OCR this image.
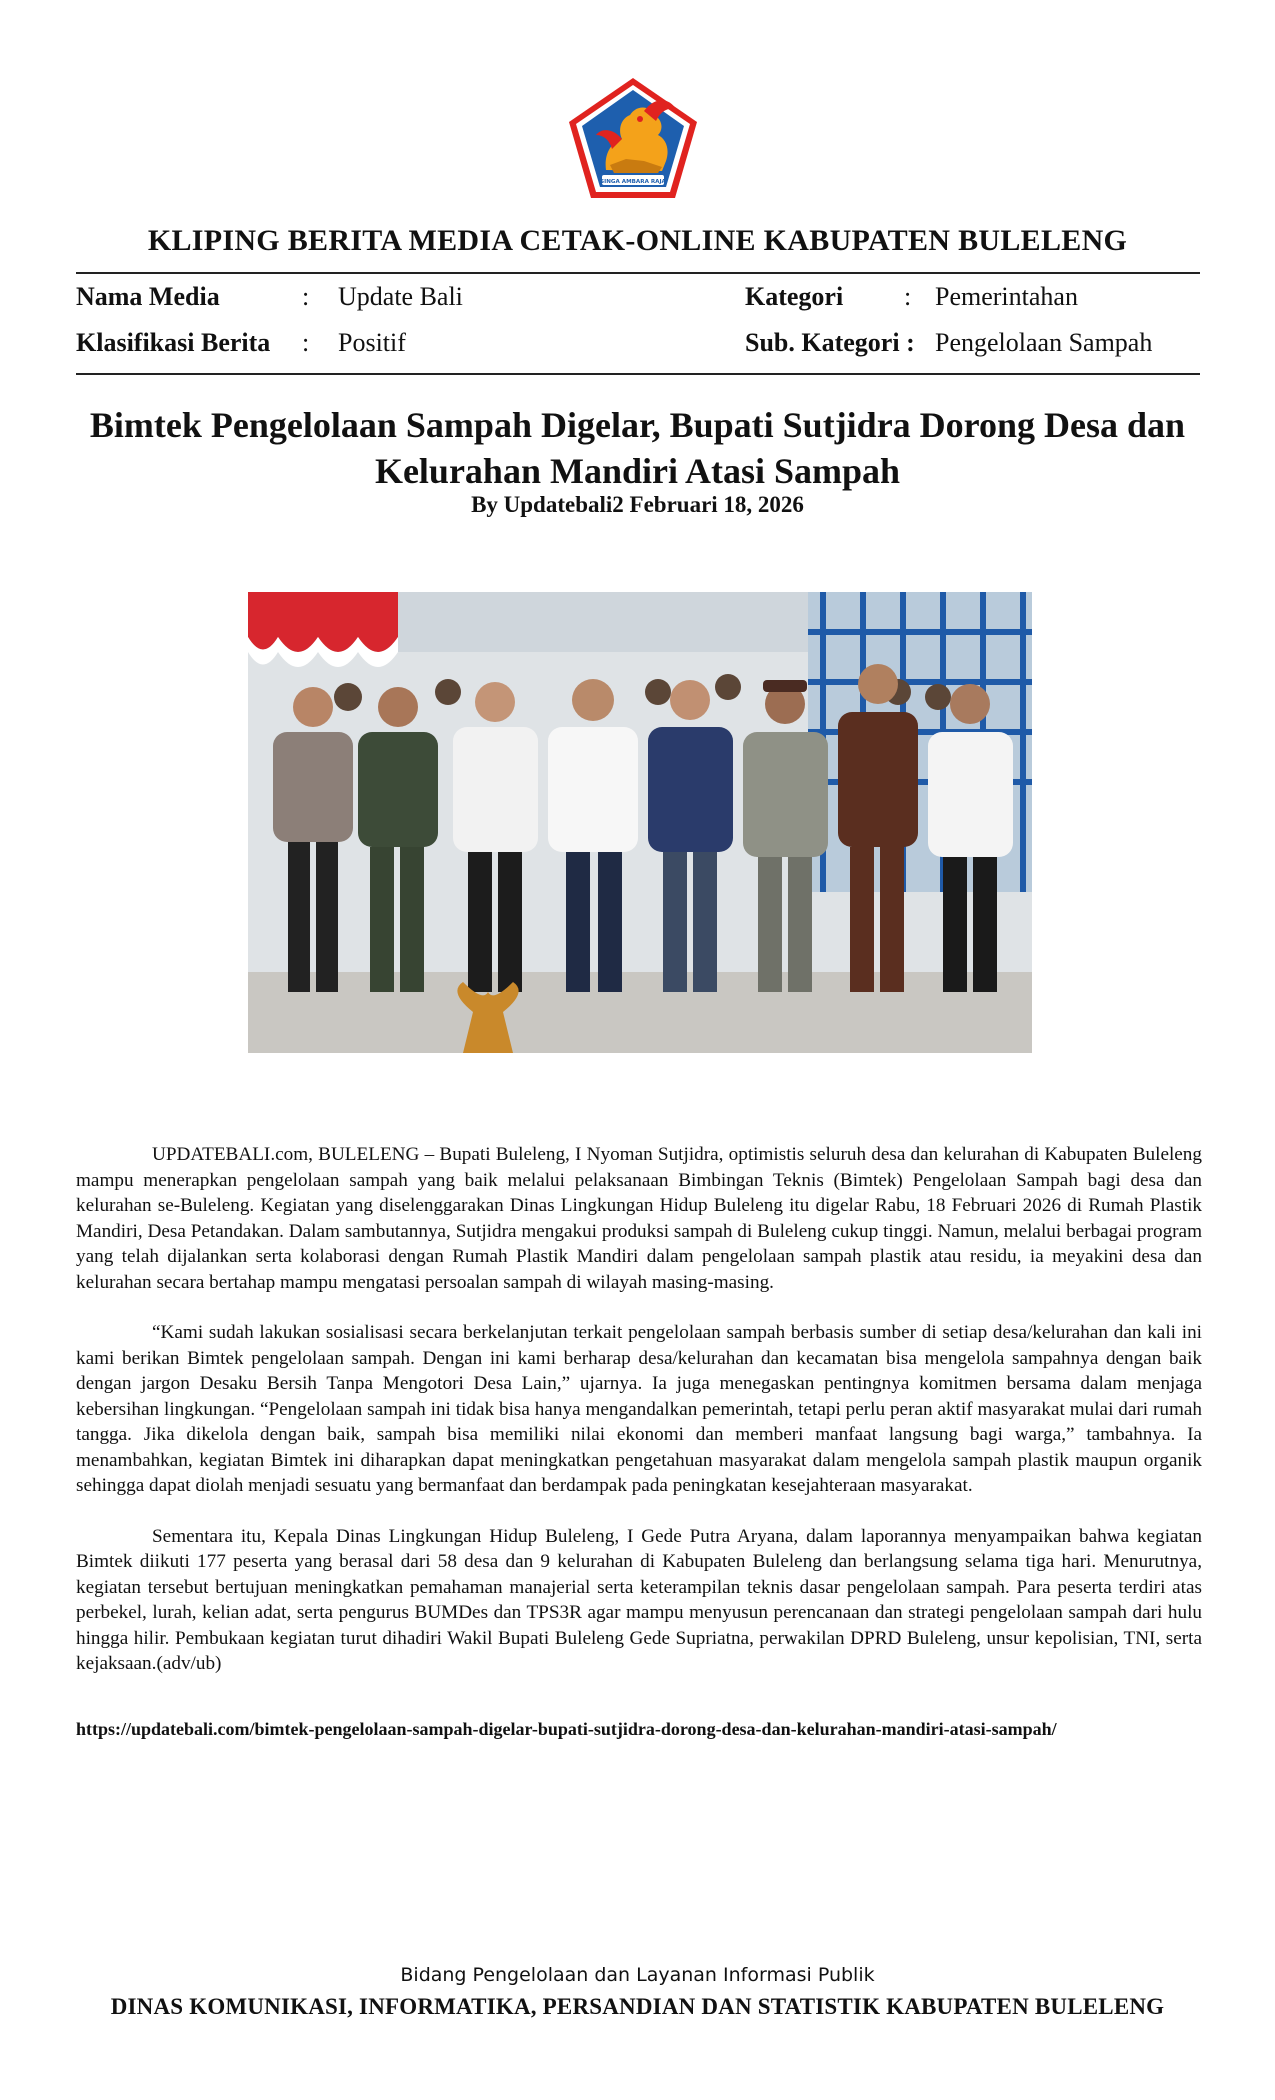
SINGA AMBARA RAJA
KLIPING BERITA MEDIA CETAK-ONLINE KABUPATEN BULELENG
Nama Media	: Update Bali	Kategori : Pemerintahan
Klasifikasi Berita : Positif	Sub. Kategori : Pengelolaan Sampah
Bimtek Pengelolaan Sampah Digelar, Bupati Sutjidra Dorong Desa dan
Kelurahan Mandiri Atasi Sampah
By Updatebali2 Februari 18, 2026

UPDATEBALI.com, BULELENG – Bupati Buleleng, I Nyoman Sutjidra, optimistis seluruh desa dan kelurahan di Kabupaten Buleleng mampu menerapkan pengelolaan sampah yang baik melalui pelaksanaan Bimbingan Teknis (Bimtek) Pengelolaan Sampah bagi desa dan kelurahan se-Buleleng. Kegiatan yang diselenggarakan Dinas Lingkungan Hidup Buleleng itu digelar Rabu, 18 Februari 2026 di Rumah Plastik Mandiri, Desa Petandakan. Dalam sambutannya, Sutjidra mengakui produksi sampah di Buleleng cukup tinggi. Namun, melalui berbagai program yang telah dijalankan serta kolaborasi dengan Rumah Plastik Mandiri dalam pengelolaan sampah plastik atau residu, ia meyakini desa dan kelurahan secara bertahap mampu mengatasi persoalan sampah di wilayah masing-masing.

“Kami sudah lakukan sosialisasi secara berkelanjutan terkait pengelolaan sampah berbasis sumber di setiap desa/kelurahan dan kali ini kami berikan Bimtek pengelolaan sampah. Dengan ini kami berharap desa/kelurahan dan kecamatan bisa mengelola sampahnya dengan baik dengan jargon Desaku Bersih Tanpa Mengotori Desa Lain,” ujarnya. Ia juga menegaskan pentingnya komitmen bersama dalam menjaga kebersihan lingkungan. “Pengelolaan sampah ini tidak bisa hanya mengandalkan pemerintah, tetapi perlu peran aktif masyarakat mulai dari rumah tangga. Jika dikelola dengan baik, sampah bisa memiliki nilai ekonomi dan memberi manfaat langsung bagi warga,” tambahnya. Ia menambahkan, kegiatan Bimtek ini diharapkan dapat meningkatkan pengetahuan masyarakat dalam mengelola sampah plastik maupun organik sehingga dapat diolah menjadi sesuatu yang bermanfaat dan berdampak pada peningkatan kesejahteraan masyarakat.

Sementara itu, Kepala Dinas Lingkungan Hidup Buleleng, I Gede Putra Aryana, dalam laporannya menyampaikan bahwa kegiatan Bimtek diikuti 177 peserta yang berasal dari 58 desa dan 9 kelurahan di Kabupaten Buleleng dan berlangsung selama tiga hari. Menurutnya, kegiatan tersebut bertujuan meningkatkan pemahaman manajerial serta keterampilan teknis dasar pengelolaan sampah. Para peserta terdiri atas perbekel, lurah, kelian adat, serta pengurus BUMDes dan TPS3R agar mampu menyusun perencanaan dan strategi pengelolaan sampah dari hulu hingga hilir. Pembukaan kegiatan turut dihadiri Wakil Bupati Buleleng Gede Supriatna, perwakilan DPRD Buleleng, unsur kepolisian, TNI, serta kejaksaan.(adv/ub)

https://updatebali.com/bimtek-pengelolaan-sampah-digelar-bupati-sutjidra-dorong-desa-dan-kelurahan-mandiri-atasi-sampah/
Bidang Pengelolaan dan Layanan Informasi Publik
DINAS KOMUNIKASI, INFORMATIKA, PERSANDIAN DAN STATISTIK KABUPATEN BULELENG
